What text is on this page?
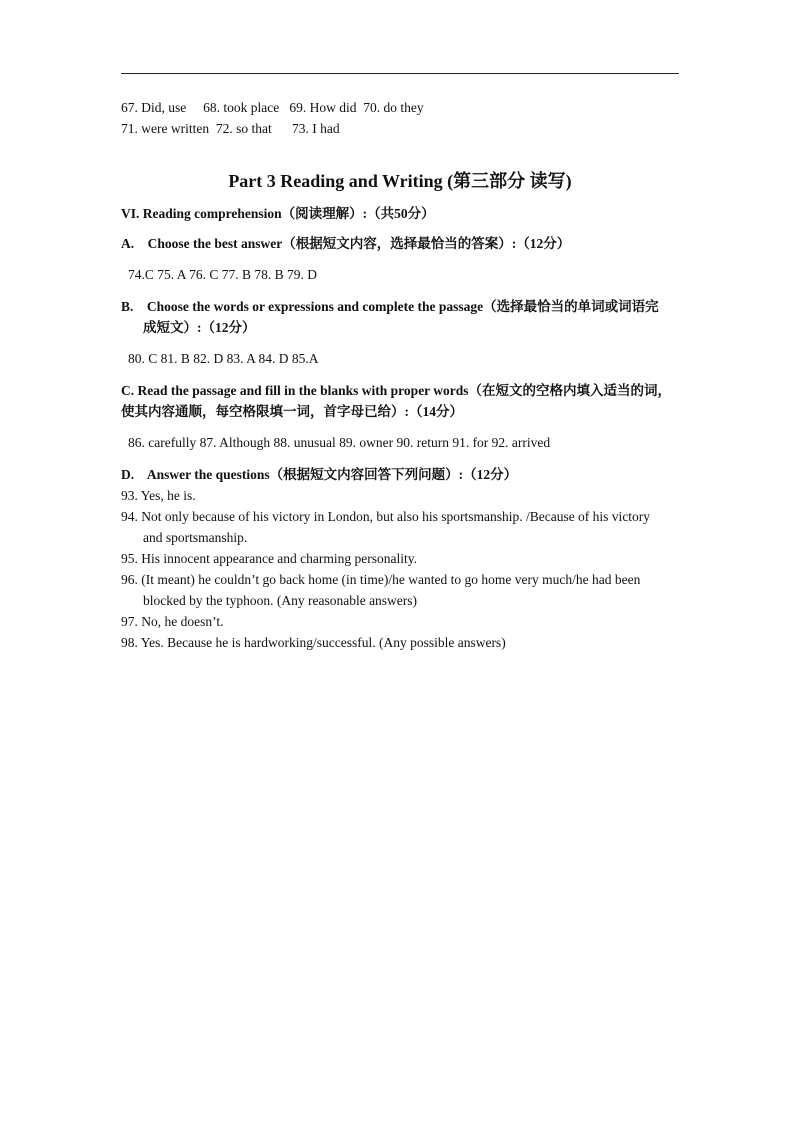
67. Did, use     68. took place   69. How did  70. do they
71. were written  72. so that      73. I had
Part 3 Reading and Writing (第三部分 读写)
VI. Reading comprehension（阅读理解）:（共50分）
A.    Choose the best answer（根据短文内容，选择最恰当的答案）:（12分）
74.C 75. A 76. C 77. B 78. B 79. D
B.    Choose the words or expressions and complete the passage（选择最恰当的单词或词语完
成短文）:（12分）
80. C 81. B 82. D 83. A 84. D 85.A
C. Read the passage and fill in the blanks with proper words（在短文的空格内填入适当的词，
使其内容通顺，每空格限填一词，首字母已给）:（14分）
86. carefully 87. Although 88. unusual 89. owner 90. return 91. for 92. arrived
D.    Answer the questions（根据短文内容回答下列问题）:（12分）
93. Yes, he is.
94. Not only because of his victory in London, but also his sportsmanship. /Because of his victory
and sportsmanship.
95. His innocent appearance and charming personality.
96. (It meant) he couldn’t go back home (in time)/he wanted to go home very much/he had been
blocked by the typhoon. (Any reasonable answers)
97. No, he doesn’t.
98. Yes. Because he is hardworking/successful. (Any possible answers)
